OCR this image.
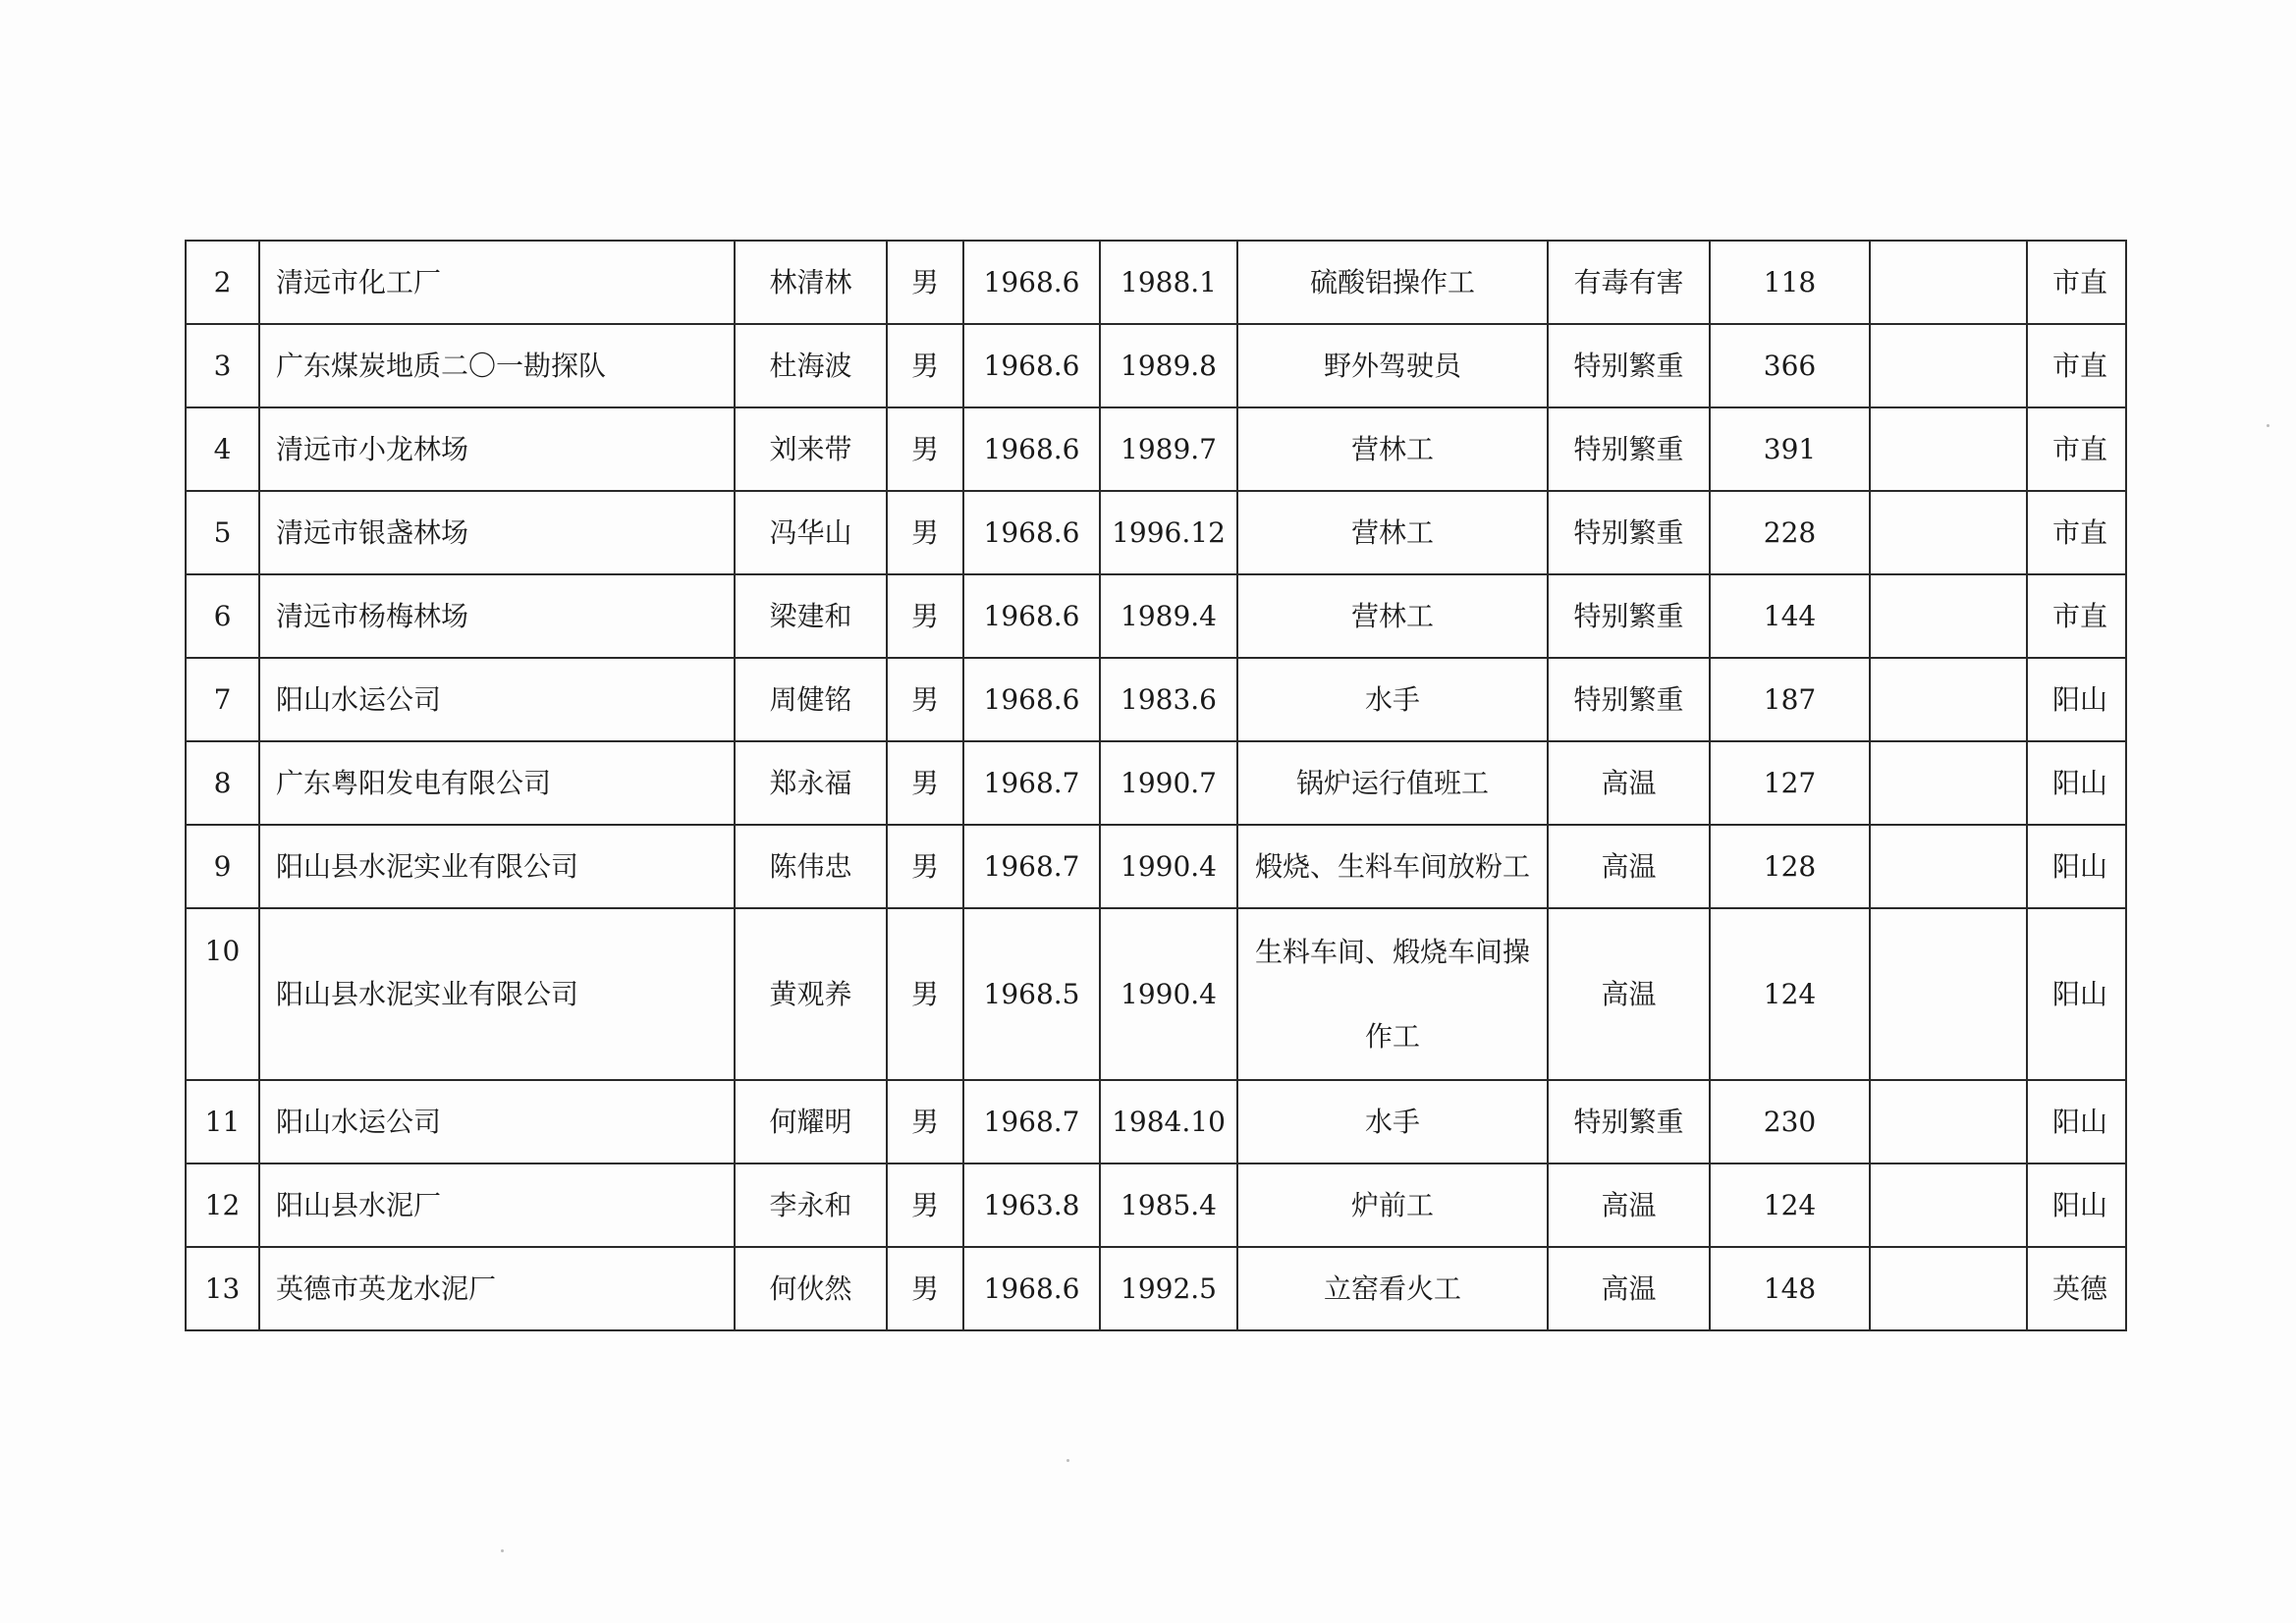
2	清远市化工厂	林清林	男	1968.6	1988.1	硫酸铝操作工	有毒有害	118		市直
3	广东煤炭地质二〇一勘探队	杜海波	男	1968.6	1989.8	野外驾驶员	特别繁重	366		市直
4	清远市小龙林场	刘来带	男	1968.6	1989.7	营林工	特别繁重	391		市直
5	清远市银盏林场	冯华山	男	1968.6	1996.12	营林工	特别繁重	228		市直
6	清远市杨梅林场	梁建和	男	1968.6	1989.4	营林工	特别繁重	144		市直
7	阳山水运公司	周健铭	男	1968.6	1983.6	水手	特别繁重	187		阳山
8	广东粤阳发电有限公司	郑永福	男	1968.7	1990.7	锅炉运行值班工	高温	127		阳山
9	阳山县水泥实业有限公司	陈伟忠	男	1968.7	1990.4	煅烧、生料车间放粉工	高温	128		阳山
10	阳山县水泥实业有限公司	黄观养	男	1968.5	1990.4	生料车间、煅烧车间操作工	高温	124		阳山
11	阳山水运公司	何耀明	男	1968.7	1984.10	水手	特别繁重	230		阳山
12	阳山县水泥厂	李永和	男	1963.8	1985.4	炉前工	高温	124		阳山
13	英德市英龙水泥厂	何伙然	男	1968.6	1992.5	立窑看火工	高温	148		英德
